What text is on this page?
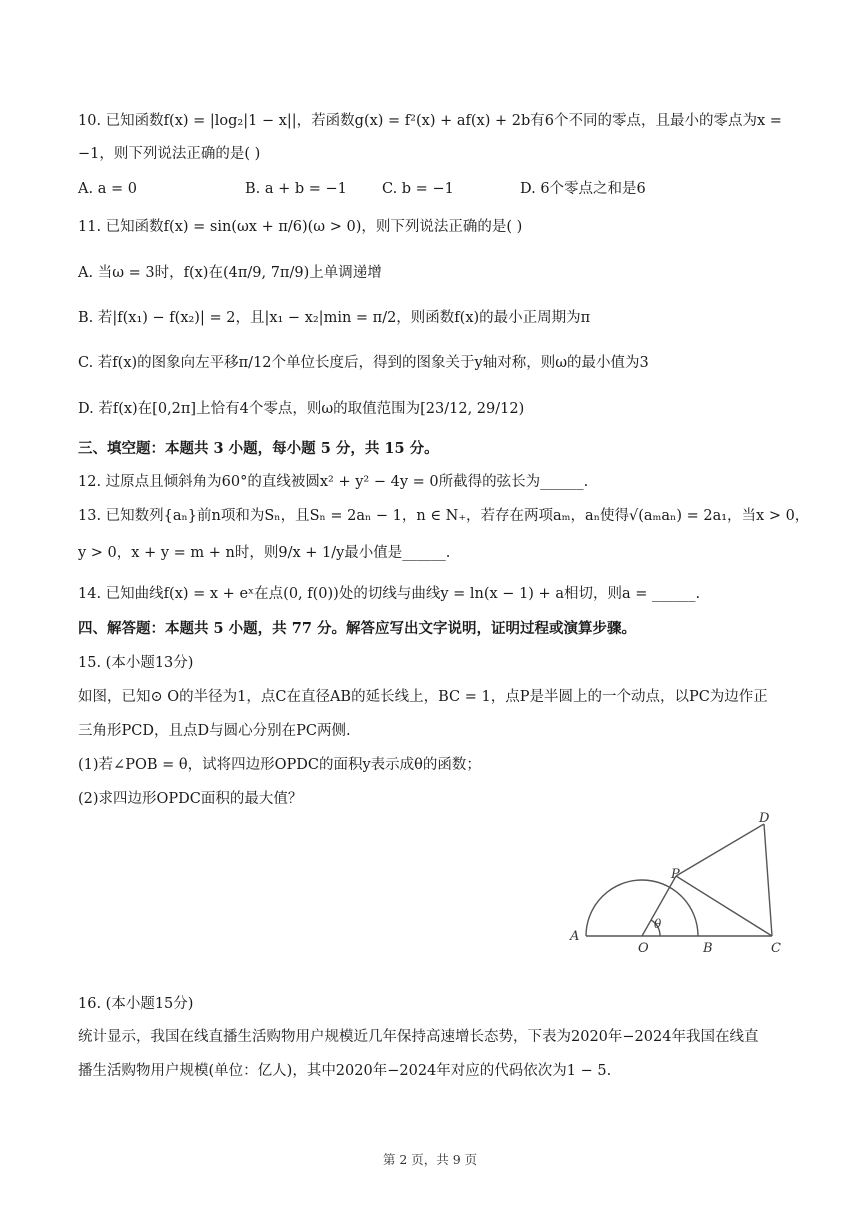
10. 已知函数f(x) = |log₂|1 − x||，若函数g(x) = f²(x) + af(x) + 2b有6个不同的零点，且最小的零点为x =
−1，则下列说法正确的是( )
A. a = 0	B. a + b = −1 C. b = −1	D. 6个零点之和是6
11. 已知函数f(x) = sin(ωx + π/6)(ω > 0)，则下列说法正确的是( )
A. 当ω = 3时，f(x)在(4π/9, 7π/9)上单调递增
B. 若|f(x₁) − f(x₂)| = 2，且|x₁ − x₂|min = π/2，则函数f(x)的最小正周期为π
C. 若f(x)的图象向左平移π/12个单位长度后，得到的图象关于y轴对称，则ω的最小值为3
D. 若f(x)在[0,2π]上恰有4个零点，则ω的取值范围为[23/12, 29/12)
三、填空题：本题共 3 小题，每小题 5 分，共 15 分。
12. 过原点且倾斜角为60°的直线被圆x² + y² − 4y = 0所截得的弦长为______.
13. 已知数列{aₙ}前n项和为Sₙ，且Sₙ = 2aₙ − 1，n ∈ N₊，若存在两项aₘ，aₙ使得√(aₘaₙ) = 2a₁，当x > 0，
y > 0，x + y = m + n时，则9/x + 1/y最小值是______.
14. 已知曲线f(x) = x + eˣ在点(0, f(0))处的切线与曲线y = ln(x − 1) + a相切，则a = ______.
四、解答题：本题共 5 小题，共 77 分。解答应写出文字说明，证明过程或演算步骤。
15. (本小题13分)
如图，已知⊙ O的半径为1，点C在直径AB的延长线上，BC = 1，点P是半圆上的一个动点，以PC为边作正
三角形PCD，且点D与圆心分别在PC两侧.
(1)若∠POB = θ，试将四边形OPDC的面积y表示成θ的函数；
(2)求四边形OPDC面积的最大值？
A
O	B	C
P
D
θ
16. (本小题15分)
统计显示，我国在线直播生活购物用户规模近几年保持高速增长态势，下表为2020年−2024年我国在线直
播生活购物用户规模(单位：亿人)，其中2020年−2024年对应的代码依次为1 − 5.
第 2 页，共 9 页
